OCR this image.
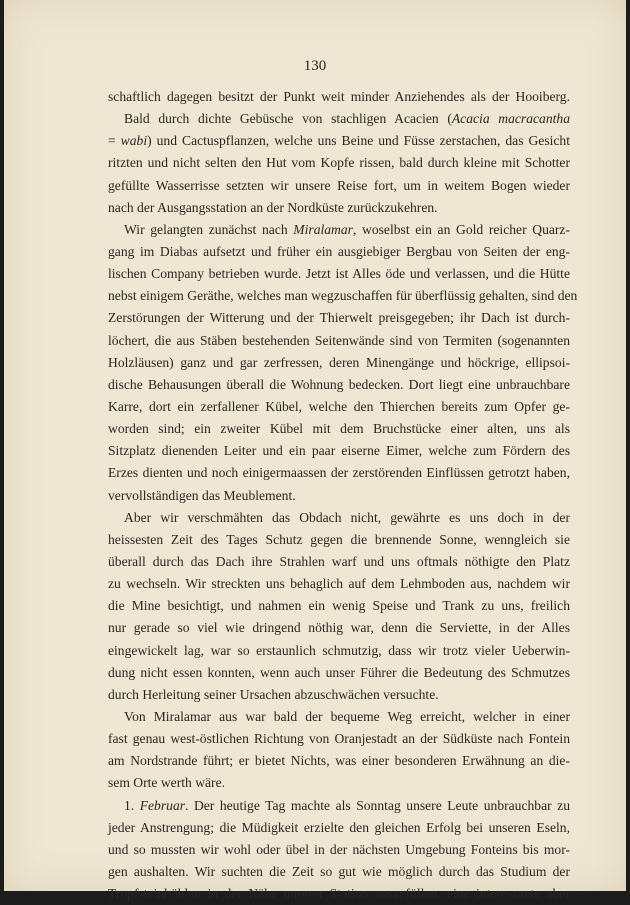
130
schaftlich dagegen besitzt der Punkt weit minder Anziehendes als der Hooiberg.
Bald durch dichte Gebüsche von stachligen Acacien (Acacia macracantha
= wabi) und Cactuspflanzen, welche uns Beine und Füsse zerstachen, das Gesicht
ritzten und nicht selten den Hut vom Kopfe rissen, bald durch kleine mit Schotter
gefüllte Wasserrisse setzten wir unsere Reise fort, um in weitem Bogen wieder
nach der Ausgangsstation an der Nordküste zurückzukehren.
Wir gelangten zunächst nach Miralamar, woselbst ein an Gold reicher Quarz-
gang im Diabas aufsetzt und früher ein ausgiebiger Bergbau von Seiten der eng-
lischen Company betrieben wurde. Jetzt ist Alles öde und verlassen, und die Hütte
nebst einigem Geräthe, welches man wegzuschaffen für überflüssig gehalten, sind den
Zerstörungen der Witterung und der Thierwelt preisgegeben; ihr Dach ist durch-
löchert, die aus Stäben bestehenden Seitenwände sind von Termiten (sogenannten
Holzläusen) ganz und gar zerfressen, deren Minengänge und höckrige, ellipsoi-
dische Behausungen überall die Wohnung bedecken. Dort liegt eine unbrauchbare
Karre, dort ein zerfallener Kübel, welche den Thierchen bereits zum Opfer ge-
worden sind; ein zweiter Kübel mit dem Bruchstücke einer alten, uns als
Sitzplatz dienenden Leiter und ein paar eiserne Eimer, welche zum Fördern des
Erzes dienten und noch einigermaassen der zerstörenden Einflüssen getrotzt haben,
vervollständigen das Meublement.
Aber wir verschmähten das Obdach nicht, gewährte es uns doch in der
heissesten Zeit des Tages Schutz gegen die brennende Sonne, wenngleich sie
überall durch das Dach ihre Strahlen warf und uns oftmals nöthigte den Platz
zu wechseln. Wir streckten uns behaglich auf dem Lehmboden aus, nachdem wir
die Mine besichtigt, und nahmen ein wenig Speise und Trank zu uns, freilich
nur gerade so viel wie dringend nöthig war, denn die Serviette, in der Alles
eingewickelt lag, war so erstaunlich schmutzig, dass wir trotz vieler Ueberwin-
dung nicht essen konnten, wenn auch unser Führer die Bedeutung des Schmutzes
durch Herleitung seiner Ursachen abzuschwächen versuchte.
Von Miralamar aus war bald der bequeme Weg erreicht, welcher in einer
fast genau west-östlichen Richtung von Oranjestadt an der Südküste nach Fontein
am Nordstrande führt; er bietet Nichts, was einer besonderen Erwähnung an die-
sem Orte werth wäre.
1. Februar. Der heutige Tag machte als Sonntag unsere Leute unbrauchbar zu
jeder Anstrengung; die Müdigkeit erzielte den gleichen Erfolg bei unseren Eseln,
und so mussten wir wohl oder übel in der nächsten Umgebung Fonteins bis mor-
gen aushalten. Wir suchten die Zeit so gut wie möglich durch das Studium der
Tropfsteinhöhlen in der Nähe unserer Station auszufüllen, eine interessante aber
